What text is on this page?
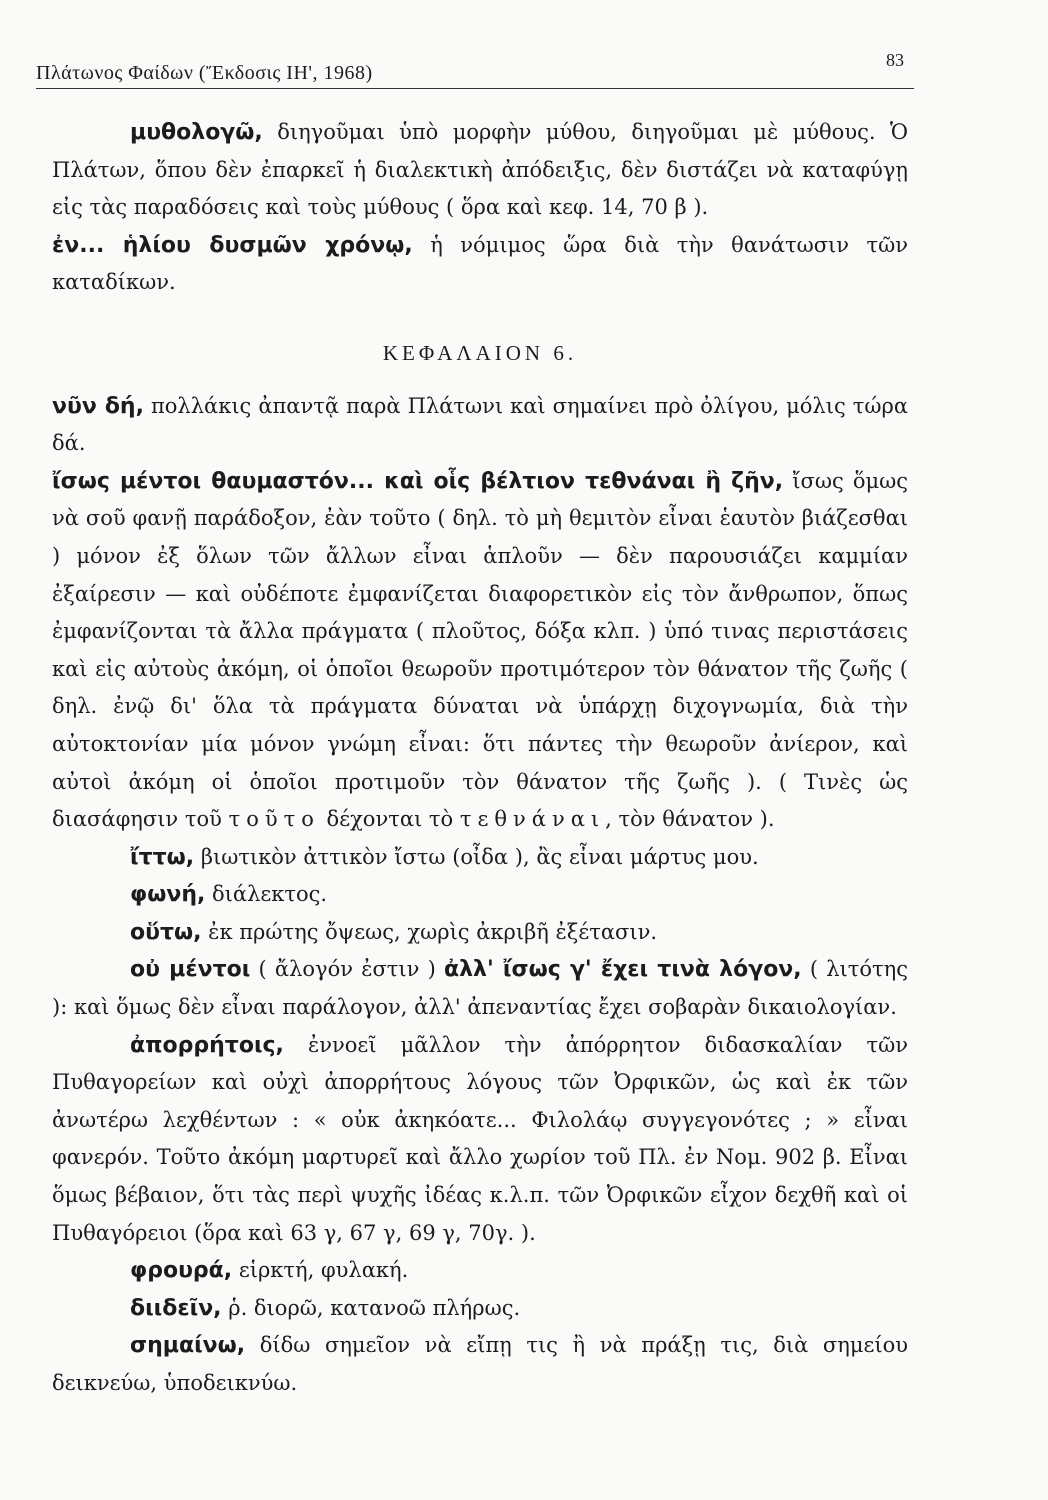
Πλάτωνος Φαίδων (Ἔκδοσις ΙΗ', 1968)
83

μυθολογῶ, διηγοῦμαι ὑπὸ μορφὴν μύθου, διηγοῦμαι μὲ μύθους. Ὁ Πλάτων, ὅπου δὲν ἐπαρκεῖ ἡ διαλεκτικὴ ἀπόδειξις, δὲν διστάζει νὰ καταφύγῃ εἰς τὰς παραδόσεις καὶ τοὺς μύθους ( ὅρα καὶ κεφ. 14, 70 β ).

ἐν... ἡλίου δυσμῶν χρόνῳ, ἡ νόμιμος ὥρα διὰ τὴν θανάτωσιν τῶν καταδίκων.

ΚΕΦΑΛΑΙΟΝ 6.

νῦν δή, πολλάκις ἀπαντᾷ παρὰ Πλάτωνι καὶ σημαίνει πρὸ ὀλίγου, μόλις τώρα δά.

ἴσως μέντοι θαυμαστόν... καὶ οἷς βέλτιον τεθνάναι ἢ ζῆν, ἴσως ὅμως νὰ σοῦ φανῇ παράδοξον, ἐὰν τοῦτο ( δηλ. τὸ μὴ θεμιτὸν εἶναι ἑαυτὸν βιάζεσθαι ) μόνον ἐξ ὅλων τῶν ἄλλων εἶναι ἁπλοῦν — δὲν παρουσιάζει καμμίαν ἐξαίρεσιν — καὶ οὐδέποτε ἐμφανίζεται διαφορετικὸν εἰς τὸν ἄνθρωπον, ὅπως ἐμφανίζονται τὰ ἄλλα πράγματα ( πλοῦτος, δόξα κλπ. ) ὑπό τινας περιστάσεις καὶ εἰς αὐτοὺς ἀκόμη, οἱ ὁποῖοι θεωροῦν προτιμότερον τὸν θάνατον τῆς ζωῆς ( δηλ. ἐνῷ δι' ὅλα τὰ πράγματα δύναται νὰ ὑπάρχῃ διχογνωμία, διὰ τὴν αὐτοκτονίαν μία μόνον γνώμη εἶναι: ὅτι πάντες τὴν θεωροῦν ἀνίερον, καὶ αὐτοὶ ἀκόμη οἱ ὁποῖοι προτιμοῦν τὸν θάνατον τῆς ζωῆς ). ( Τινὲς ὡς διασάφησιν τοῦ τοῦτο δέχονται τὸ τεθνάναι, τὸν θάνατον ).

ἴττω, βιωτικὸν ἀττικὸν ἴστω (οἶδα ), ἂς εἶναι μάρτυς μου.

φωνή, διάλεκτος.

οὕτω, ἐκ πρώτης ὄψεως, χωρὶς ἀκριβῆ ἐξέτασιν.

οὐ μέντοι ( ἄλογόν ἐστιν ) ἀλλ' ἴσως γ' ἔχει τινὰ λόγον, ( λιτότης ): καὶ ὅμως δὲν εἶναι παράλογον, ἀλλ' ἀπεναντίας ἔχει σοβαρὰν δικαιολογίαν.

ἀπορρήτοις, ἐννοεῖ μᾶλλον τὴν ἀπόρρητον διδασκαλίαν τῶν Πυθαγορείων καὶ οὐχὶ ἀπορρήτους λόγους τῶν Ὀρφικῶν, ὡς καὶ ἐκ τῶν ἀνωτέρω λεχθέντων : « οὐκ ἀκηκόατε... Φιλολάῳ συγγεγονότες ; » εἶναι φανερόν. Τοῦτο ἀκόμη μαρτυρεῖ καὶ ἄλλο χωρίον τοῦ Πλ. ἐν Νομ. 902 β. Εἶναι ὅμως βέβαιον, ὅτι τὰς περὶ ψυχῆς ἰδέας κ.λ.π. τῶν Ὀρφικῶν εἶχον δεχθῆ καὶ οἱ Πυθαγόρειοι (ὅρα καὶ 63 γ, 67 γ, 69 γ, 70γ. ).

φρουρά, εἱρκτή, φυλακή.

διιδεῖν, ῥ. διορῶ, κατανοῶ πλήρως.

σημαίνω, δίδω σημεῖον νὰ εἴπῃ τις ἢ νὰ πράξῃ τις, διὰ σημείου δεικνεύω, ὑποδεικνύω.
